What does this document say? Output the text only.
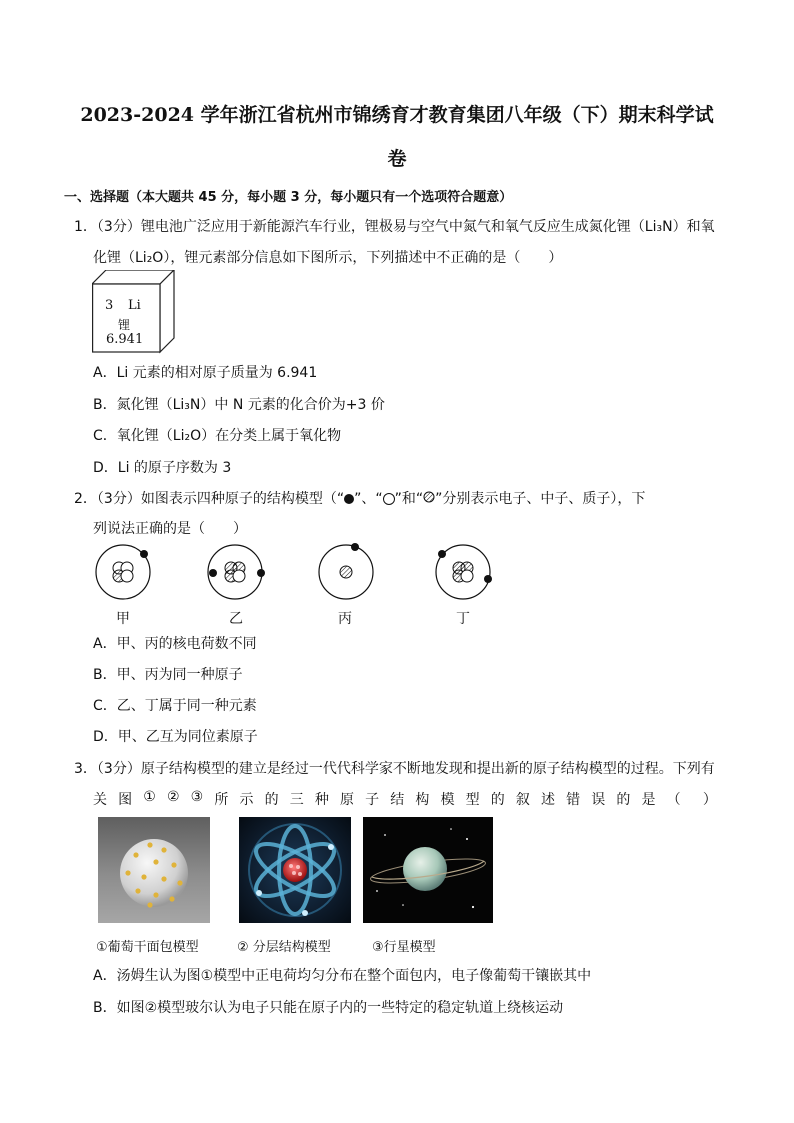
2023-2024 学年浙江省杭州市锦绣育才教育集团八年级（下）期末科学试
卷
一、选择题（本大题共 45 分，每小题 3 分，每小题只有一个选项符合题意）
1．（3分）锂电池广泛应用于新能源汽车行业，锂极易与空气中氮气和氧气反应生成氮化锂（Li₃N）和氧
化锂（Li₂O），锂元素部分信息如下图所示，下列描述中不正确的是（　　）
3 Li
锂
6.941
A．Li 元素的相对原子质量为 6.941
B．氮化锂（Li₃N）中 N 元素的化合价为+3 价
C．氧化锂（Li₂O）在分类上属于氧化物
D．Li 的原子序数为 3
2．（3分）如图表示四种原子的结构模型（“ ”、“ ”和“ ”分别表示电子、中子、质子），下
列说法正确的是（　　）
甲	乙	丙	丁
A．甲、丙的核电荷数不同
B．甲、丙为同一种原子
C．乙、丁属于同一种元素
D．甲、乙互为同位素原子
3．（3分）原子结构模型的建立是经过一代代科学家不断地发现和提出新的原子结构模型的过程。下列有
关 图 ① ② ③ 所 示 的 三 种 原 子 结 构 模 型 的 叙 述 错 误 的 是 （ ）
①葡萄干面包模型	② 分层结构模型	③行星模型
A．汤姆生认为图①模型中正电荷均匀分布在整个面包内，电子像葡萄干镶嵌其中
B．如图②模型玻尔认为电子只能在原子内的一些特定的稳定轨道上绕核运动
